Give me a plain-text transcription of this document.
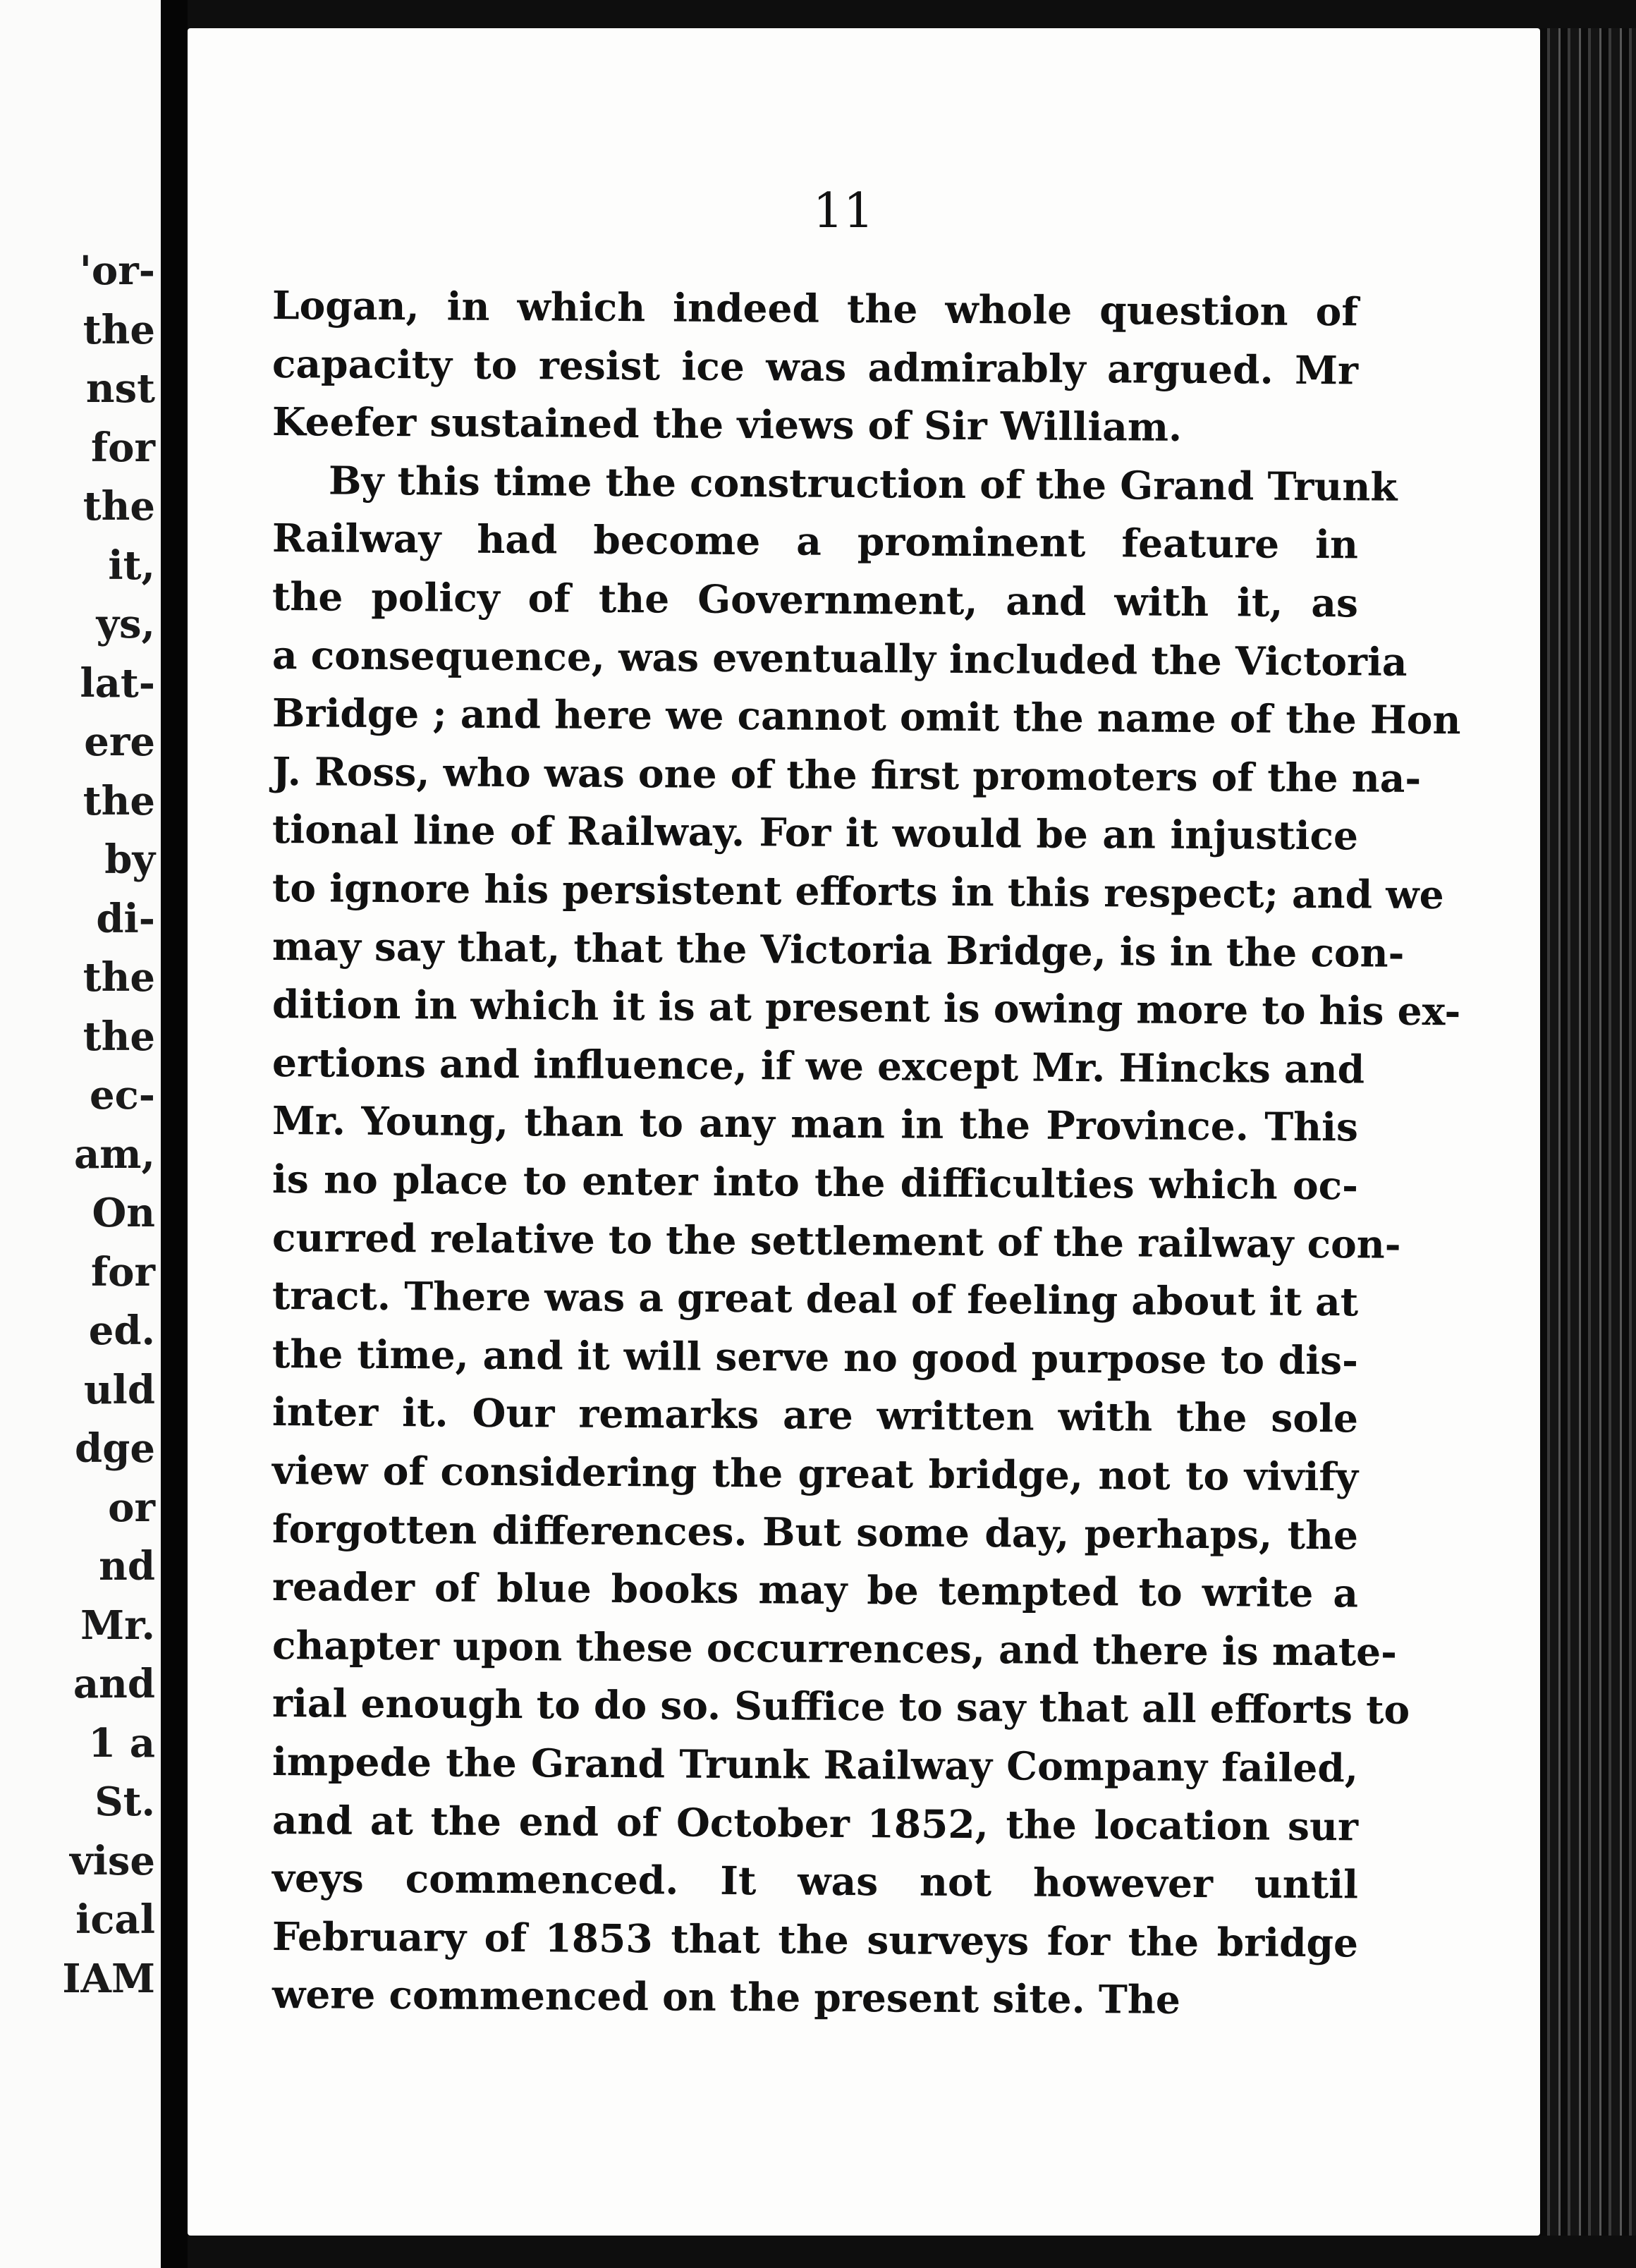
'or-
the
nst
for
the
it,
ys,
lat-
ere
the
by
di-
the
the
ec-
am,
On
for
ed.
uld
dge
or
nd
Mr.
and
1 a
St.
vise
ical
IAM
11
Logan, in which indeed the whole question of
capacity to resist ice was admirably argued. Mr
Keefer sustained the views of Sir William.
By this time the construction of the Grand Trunk
Railway had become a prominent feature in
the policy of the Government, and with it, as
a consequence, was eventually included the Victoria
Bridge ; and here we cannot omit the name of the Hon
J. Ross, who was one of the first promoters of the na-
tional line of Railway. For it would be an injustice
to ignore his persistent efforts in this respect; and we
may say that, that the Victoria Bridge, is in the con-
dition in which it is at present is owing more to his ex-
ertions and influence, if we except Mr. Hincks and
Mr. Young, than to any man in the Province. This
is no place to enter into the difficulties which oc-
curred relative to the settlement of the railway con-
tract. There was a great deal of feeling about it at
the time, and it will serve no good purpose to dis-
inter it. Our remarks are written with the sole
view of considering the great bridge, not to vivify
forgotten differences. But some day, perhaps, the
reader of blue books may be tempted to write a
chapter upon these occurrences, and there is mate-
rial enough to do so. Suffice to say that all efforts to
impede the Grand Trunk Railway Company failed,
and at the end of October 1852, the location sur
veys commenced. It was not however until
February of 1853 that the surveys for the bridge
were commenced on the present site. The
